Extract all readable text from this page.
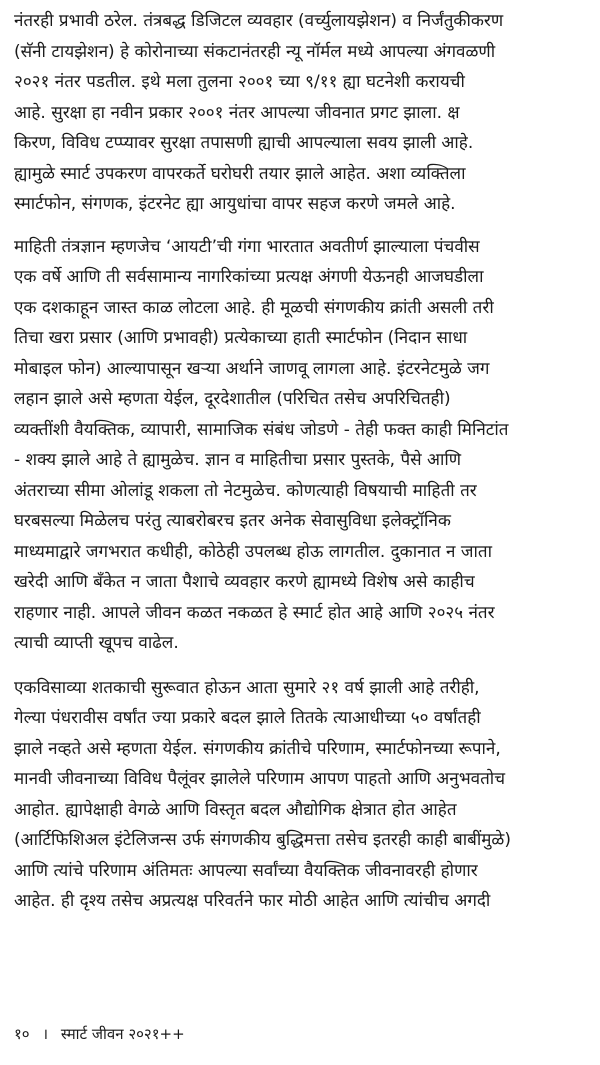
नंतरही प्रभावी ठरेल. तंत्रबद्ध डिजिटल व्यवहार (वर्च्युलायझेशन) व निर्जंतुकीकरण
(सॅनी टायझेशन) हे कोरोनाच्या संकटानंतरही न्यू नॉर्मल मध्ये आपल्या अंगवळणी
२०२१ नंतर पडतील. इथे मला तुलना २००१ च्या ९/११ ह्या घटनेशी करायची
आहे. सुरक्षा हा नवीन प्रकार २००१ नंतर आपल्या जीवनात प्रगट झाला. क्ष
किरण, विविध टप्प्यावर सुरक्षा तपासणी ह्याची आपल्याला सवय झाली आहे.
ह्यामुळे स्मार्ट उपकरण वापरकर्ते घरोघरी तयार झाले आहेत. अशा व्यक्तिला
स्मार्टफोन, संगणक, इंटरनेट ह्या आयुधांचा वापर सहज करणे जमले आहे.
माहिती तंत्रज्ञान म्हणजेच ‘आयटी’ची गंगा भारतात अवतीर्ण झाल्याला पंचवीस
एक वर्षे आणि ती सर्वसामान्य नागरिकांच्या प्रत्यक्ष अंगणी येऊनही आजघडीला
एक दशकाहून जास्त काळ लोटला आहे. ही मूळची संगणकीय क्रांती असली तरी
तिचा खरा प्रसार (आणि प्रभावही) प्रत्येकाच्या हाती स्मार्टफोन (निदान साधा
मोबाइल फोन) आल्यापासून खऱ्या अर्थाने जाणवू लागला आहे. इंटरनेटमुळे जग
लहान झाले असे म्हणता येईल, दूरदेशातील (परिचित तसेच अपरिचितही)
व्यक्तींशी वैयक्तिक, व्यापारी, सामाजिक संबंध जोडणे - तेही फक्त काही मिनिटांत
- शक्य झाले आहे ते ह्यामुळेच. ज्ञान व माहितीचा प्रसार पुस्तके, पैसे आणि
अंतराच्या सीमा ओलांडू शकला तो नेटमुळेच. कोणत्याही विषयाची माहिती तर
घरबसल्या मिळेलच परंतु त्याबरोबरच इतर अनेक सेवासुविधा इलेक्ट्रॉनिक
माध्यमाद्वारे जगभरात कधीही, कोठेही उपलब्ध होऊ लागतील. दुकानात न जाता
खरेदी आणि बँकेत न जाता पैशाचे व्यवहार करणे ह्यामध्ये विशेष असे काहीच
राहणार नाही. आपले जीवन कळत नकळत हे स्मार्ट होत आहे आणि २०२५ नंतर
त्याची व्याप्ती खूपच वाढेल.
एकविसाव्या शतकाची सुरूवात होऊन आता सुमारे २१ वर्ष झाली आहे तरीही,
गेल्या पंधरावीस वर्षांत ज्या प्रकारे बदल झाले तितके त्याआधीच्या ५० वर्षांतही
झाले नव्हते असे म्हणता येईल. संगणकीय क्रांतीचे परिणाम, स्मार्टफोनच्या रूपाने,
मानवी जीवनाच्या विविध पैलूंवर झालेले परिणाम आपण पाहतो आणि अनुभवतोच
आहोत. ह्यापेक्षाही वेगळे आणि विस्तृत बदल औद्योगिक क्षेत्रात होत आहेत
(आर्टिफिशिअल इंटेलिजन्स उर्फ संगणकीय बुद्धिमत्ता तसेच इतरही काही बाबींमुळे)
आणि त्यांचे परिणाम अंतिमतः आपल्या सर्वांच्या वैयक्तिक जीवनावरही होणार
आहेत. ही दृश्य तसेच अप्रत्यक्ष परिवर्तने फार मोठी आहेत आणि त्यांचीच अगदी
१० । स्मार्ट जीवन २०२१++
